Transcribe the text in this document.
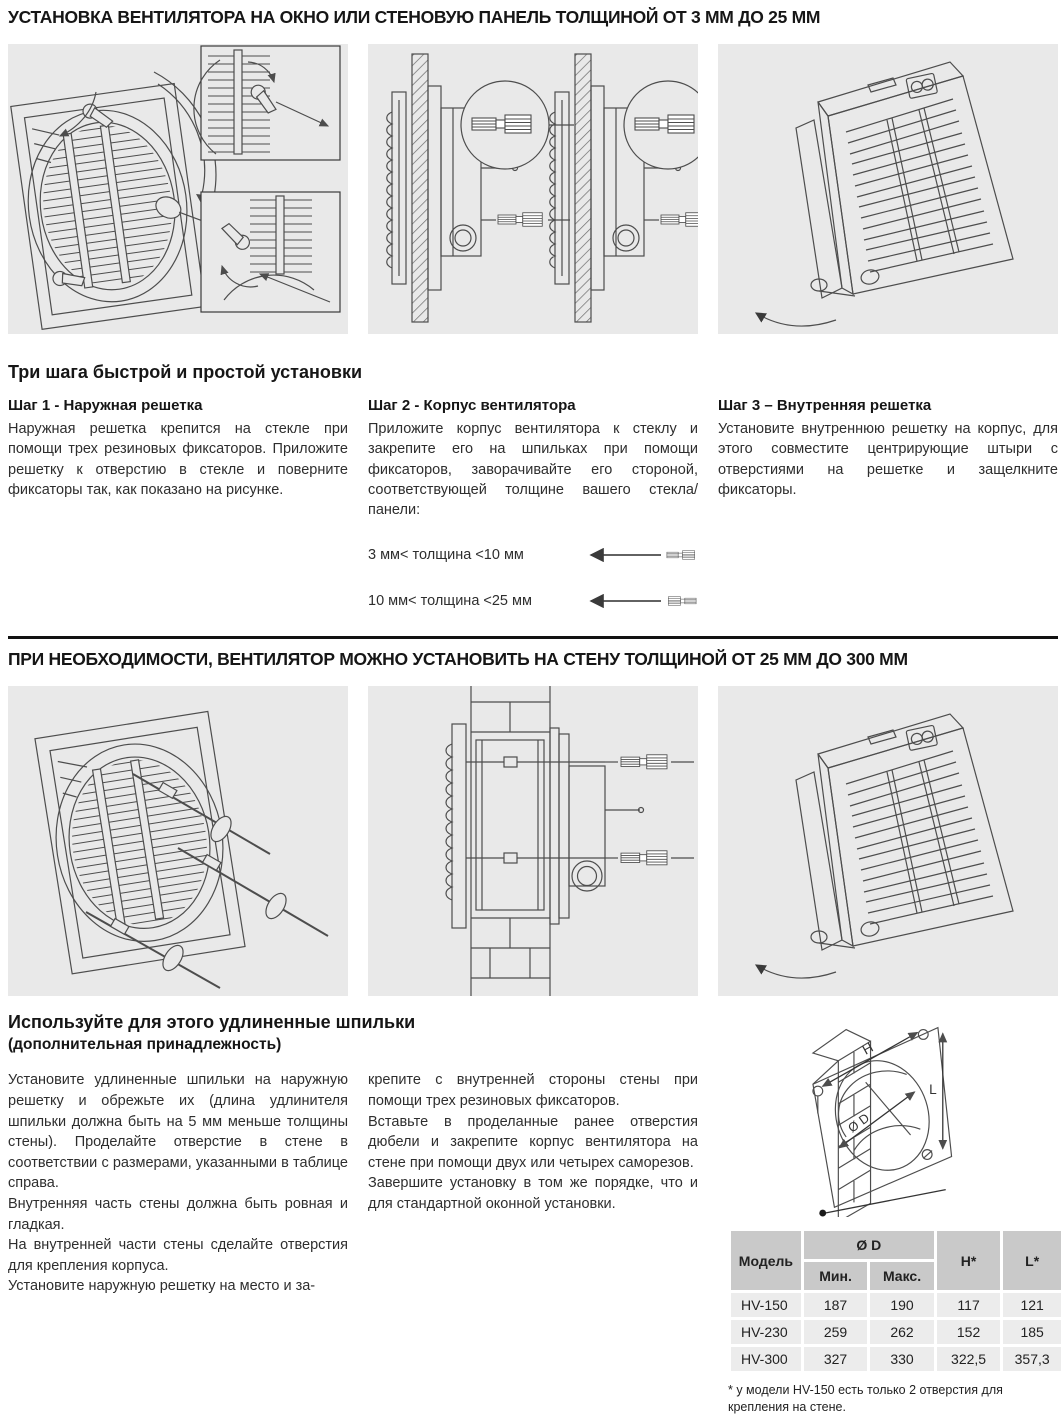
УСТАНОВКА ВЕНТИЛЯТОРА НА ОКНО ИЛИ СТЕНОВУЮ ПАНЕЛЬ ТОЛЩИНОЙ ОТ 3 ММ ДО 25 ММ
Три шага быстрой и простой установки
Шаг 1 - Наружная решетка

Наружная решетка крепится на стекле при помощи трех резиновых фиксаторов. Приложите решетку к отверстию в стекле и поверните фиксаторы так, как показано на рисунке.

Шаг 2 - Корпус вентилятора

Приложите корпус вентилятора к стеклу и закрепите его на шпильках при помощи фиксаторов, заворачивайте его стороной, соответствующей толщине вашего стекла/панели:

3 мм< толщина <10 мм
10 мм< толщина <25 мм
Шаг 3 – Внутренняя решетка

Установите внутреннюю решетку на корпус, для этого совместите центрирующие штыри с отверстиями на решетке и защелкните фиксаторы.

ПРИ НЕОБХОДИМОСТИ, ВЕНТИЛЯТОР МОЖНО УСТАНОВИТЬ НА СТЕНУ ТОЛЩИНОЙ ОТ 25 ММ ДО 300 ММ
Используйте для этого удлиненные шпильки
(дополнительная принадлежность)

Установите удлиненные шпильки на наружную решетку и обрежьте их (длина удлинителя шпильки должна быть на 5 мм меньше толщины стены). Проделайте отверстие в стене в соответствии с размерами, указанными в таблице справа.

Внутренняя часть стены должна быть ровная и гладкая.

На внутренней части стены сделайте отверстия для крепления корпуса.

Установите наружную решетку на место и за-

крепите с внутренней стороны стены при помощи трех резиновых фиксаторов.

Вставьте в проделанные ранее отверстия дюбели и закрепите корпус вентилятора на стене при помощи двух или четырех саморезов.

Завершите установку в том же порядке, что и для стандартной оконной установки.

H
L
Ø D
Модель	Ø D		H*	L*
	Мин.	Макс.		
HV-150	187	190	117	121
HV-230	259	262	152	185
HV-300	327	330	322,5	357,3
* у модели HV-150 есть только 2 отверстия для крепления на стене.
